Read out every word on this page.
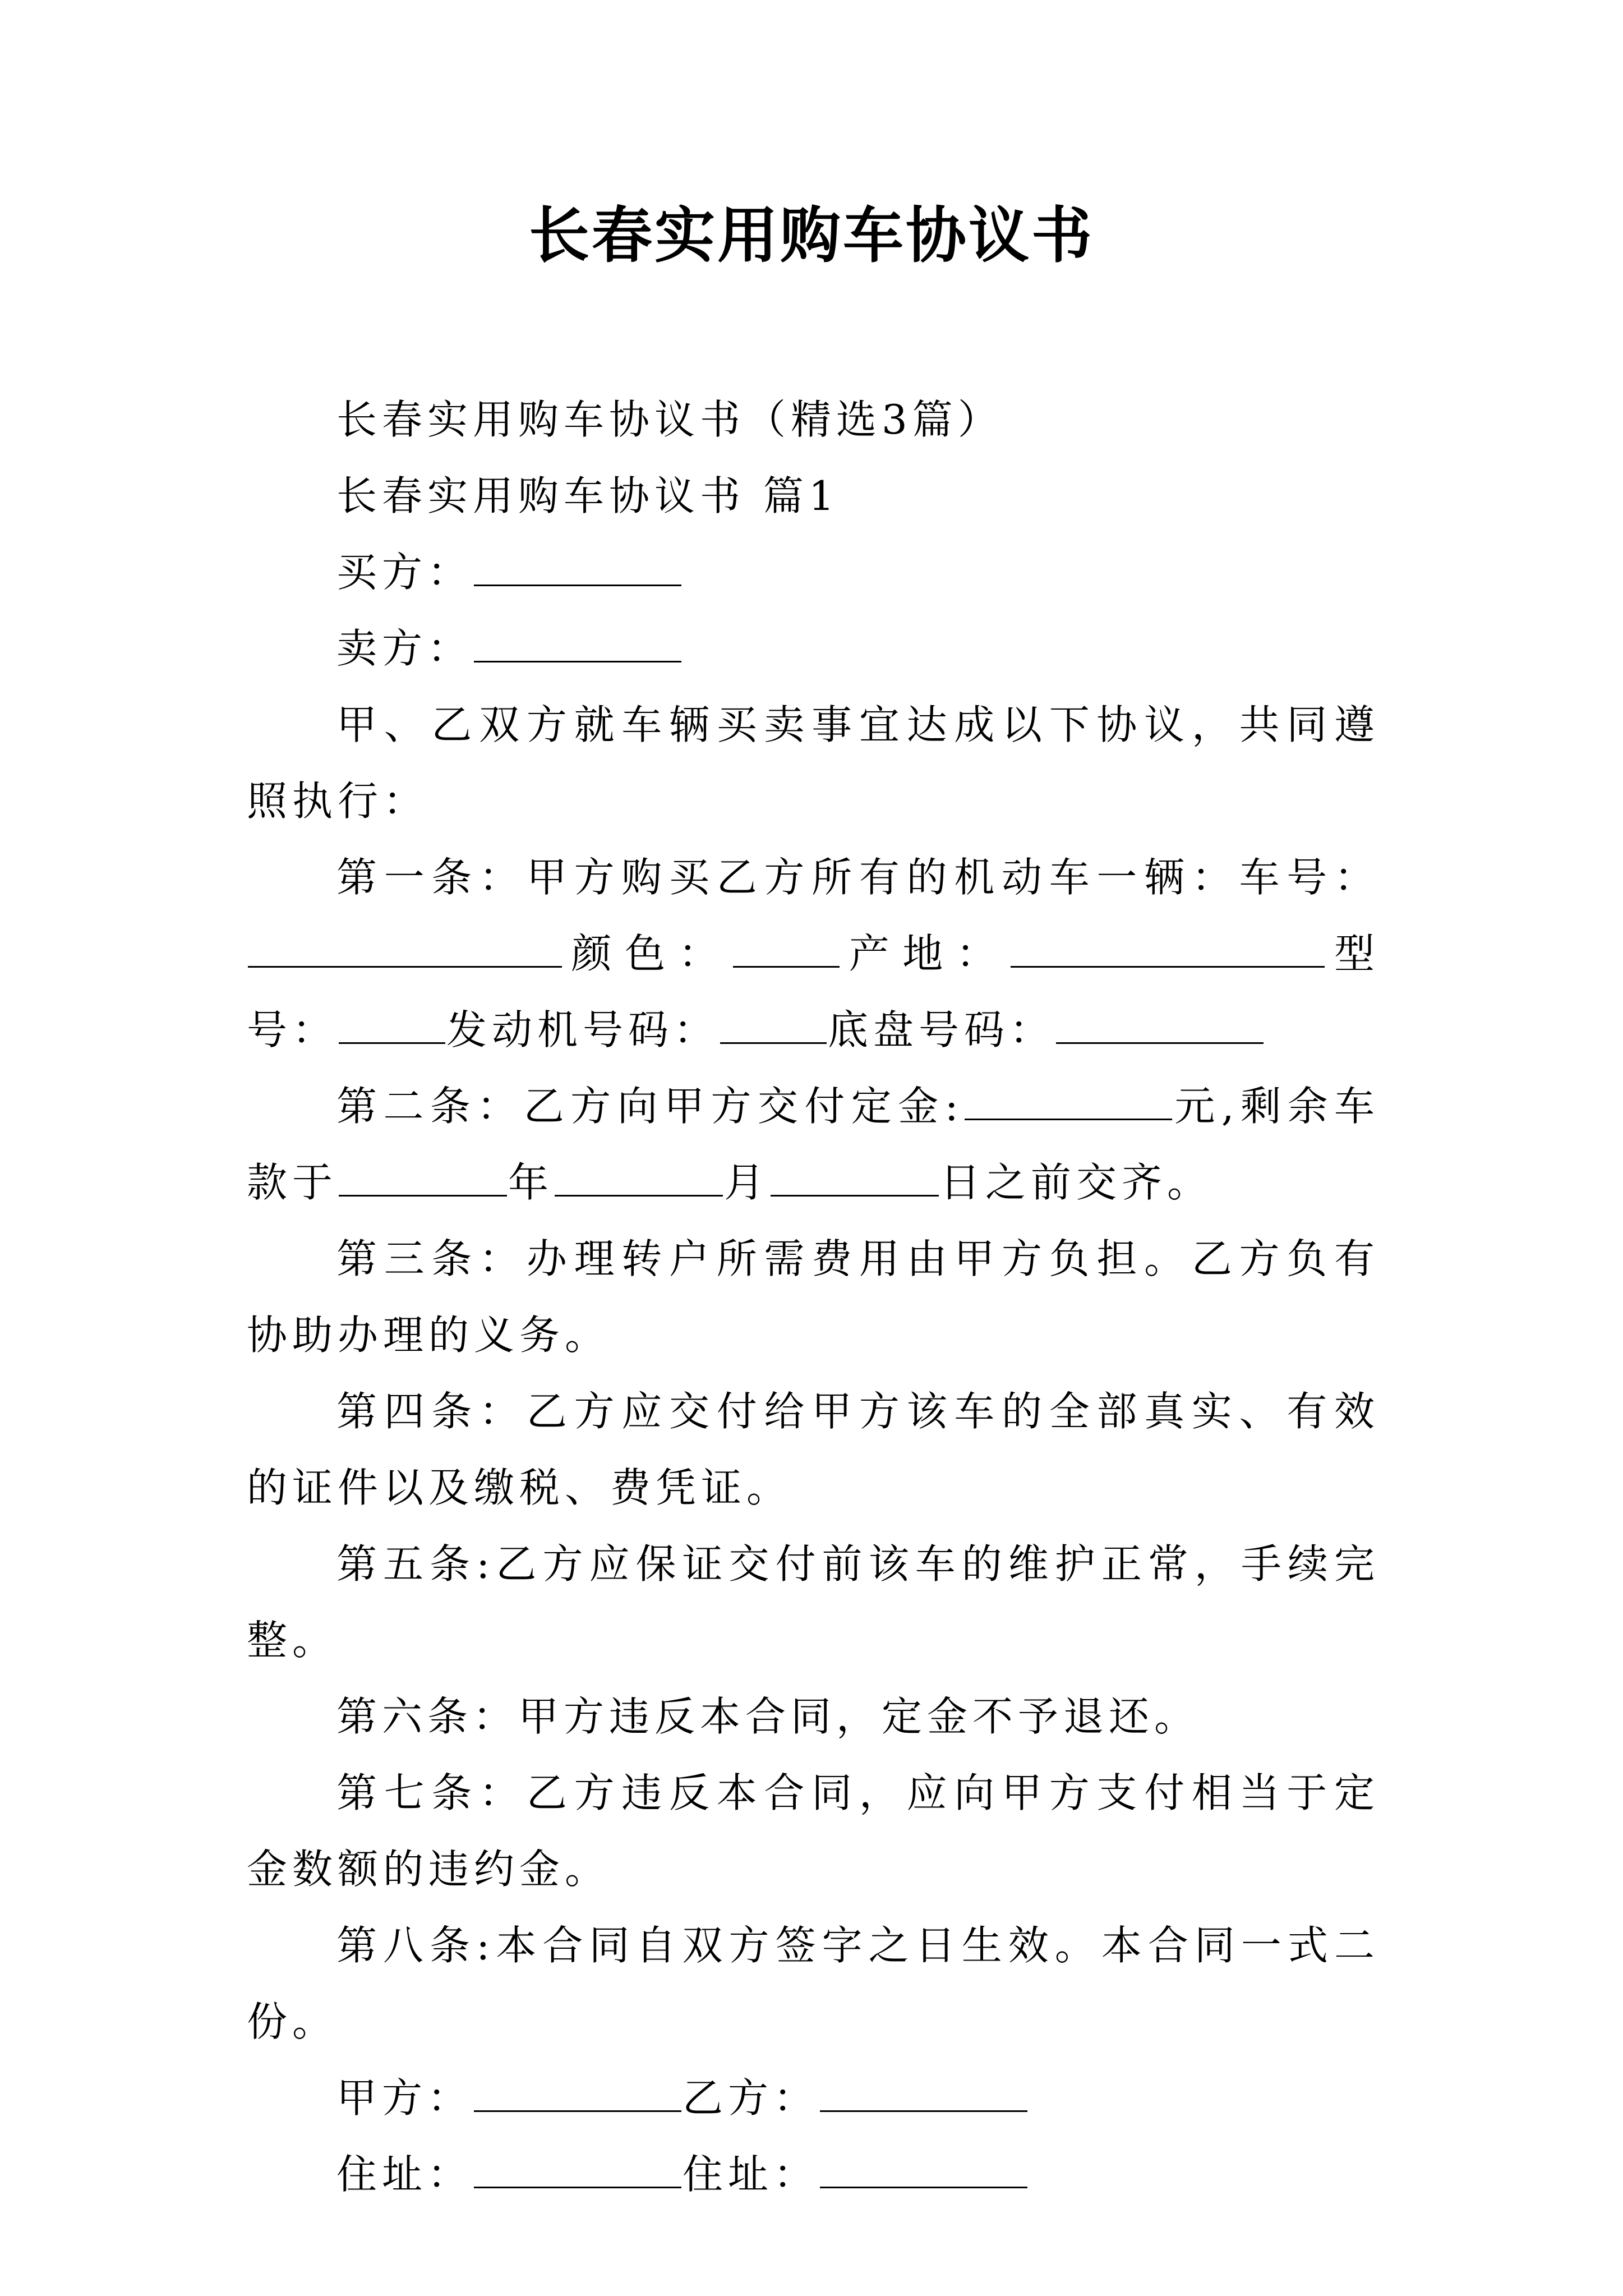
长春实用购车协议书

长春实用购车协议书（精选3篇）

长春实用购车协议书 篇1

买方：

卖方：

甲、乙双方就车辆买卖事宜达成以下协议，共同遵照执行：

第一条：甲方购买乙方所有的机动车一辆：车号：颜色：	产地：	型号：	发动机号码：	底盘号码：

第二条：乙方向甲方交付定金:	元,剩余车款于	年	月	日之前交齐。

第三条：办理转户所需费用由甲方负担。乙方负有协助办理的义务。

第四条：乙方应交付给甲方该车的全部真实、有效的证件以及缴税、费凭证。

第五条:乙方应保证交付前该车的维护正常，手续完整。

第六条：甲方违反本合同，定金不予退还。

第七条：乙方违反本合同，应向甲方支付相当于定金数额的违约金。

第八条:本合同自双方签字之日生效。本合同一式二份。

甲方：	乙方：

住址：	住址：
